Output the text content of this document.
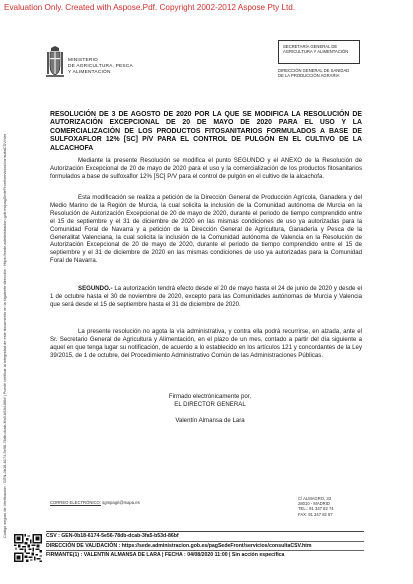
Evaluation Only. Created with Aspose.Pdf. Copyright 2002-2012 Aspose Pty Ltd.
Código seguro de Verificación : GEN-0b18-6174-5e56-78db-dcab-3fa5-b53d-86bf | Puede verificar la integridad de este documento en la siguiente dirección : https://sede.administracion.gob.es/pagSedeFront/servicios/consultaCSV.htm
MINISTERIO
DE AGRICULTURA, PESCA
Y ALIMENTACIÓN
SECRETARÍA GENERAL DE
AGRICULTURA Y ALIMENTACIÓN
DIRECCIÓN GENERAL DE SANIDAD
DE LA PRODUCCIÓN AGRARIA
RESOLUCIÓN DE 3 DE AGOSTO DE 2020 POR LA QUE SE MODIFICA LA RESOLUCIÓN DE AUTORIZACIÓN EXCEPCIONAL DE 20 DE MAYO DE 2020 PARA EL USO Y LA COMERCIALIZACIÓN DE LOS PRODUCTOS FITOSANITARIOS FORMULADOS A BASE DE SULFOXAFLOR 12% [SC] P/V PARA EL CONTROL DE PULGÓN EN EL CULTIVO DE LA ALCACHOFA
Mediante la presente Resolución se modifica el punto SEGUNDO y el ANEXO de la Resolución de Autorización Excepcional de 20 de mayo de 2020 para el uso y la comercialización de los productos fitosanitarios formulados a base de sulfoxaflor 12% [SC] P/V para el control de pulgón en el cultivo de la alcachofa.
Esta modificación se realiza a petición de la Dirección General de Producción Agrícola, Ganadera y del Medio Marino de la Región de Murcia, la cual solicita la inclusión de la Comunidad autónoma de Murcia en la Resolución de Autorización Excepcional de 20 de mayo de 2020, durante el periodo de tiempo comprendido entre el 15 de septiembre y el 31 de diciembre de 2020 en las mismas condiciones de uso ya autorizadas para la Comunidad Foral de Navarra y a petición de la Dirección General de Agricultura, Ganadería y Pesca de la Generalitat Valenciana, la cual solicita la inclusión de la Comunidad autónoma de Valencia en la Resolución de Autorización Excepcional de 20 de mayo de 2020, durante el periodo de tiempo comprendido entre el 15 de septiembre y el 31 de diciembre de 2020 en las mismas condiciones de uso ya autorizadas para la Comunidad Foral de Navarra.
SEGUNDO.- La autorización tendrá efecto desde el 20 de mayo hasta el 24 de junio de 2020 y desde el 1 de octubre hasta el 30 de noviembre de 2020, excepto para las Comunidades autónomas de Murcia y Valencia que será desde el 15 de septiembre hasta el 31 de diciembre de 2020.
La presente resolución no agota la vía administrativa, y contra ella podrá recurrirse, en alzada, ante el Sr. Secretario General de Agricultura y Alimentación, en el plazo de un mes, contado a partir del día siguiente a aquel en que tenga lugar su notificación, de acuerdo a lo establecido en los artículos 121 y concordantes de la Ley 39/2015, de 1 de octubre, del Procedimiento Administrativo Común de las Administraciones Públicas.
Firmado electrónicamente por,
EL DIRECTOR GENERAL
Valentín Almansa de Lara
CORREO ELECTRÓNICO: sgmpagri@mapa.es
C/ ALMAGRO, 33
28010 - MADRID
TEL.: 91 347 82 74
FAX: 91 347 82 87
CSV : GEN-0b18-6174-5e56-78db-dcab-3fa5-b53d-86bf
DIRECCIÓN DE VALIDACIÓN : https://sede.administracion.gob.es/pagSedeFront/servicios/consultaCSV.htm
FIRMANTE(1) : VALENTIN ALMANSA DE LARA | FECHA : 04/08/2020 11:00 | Sin acción específica
